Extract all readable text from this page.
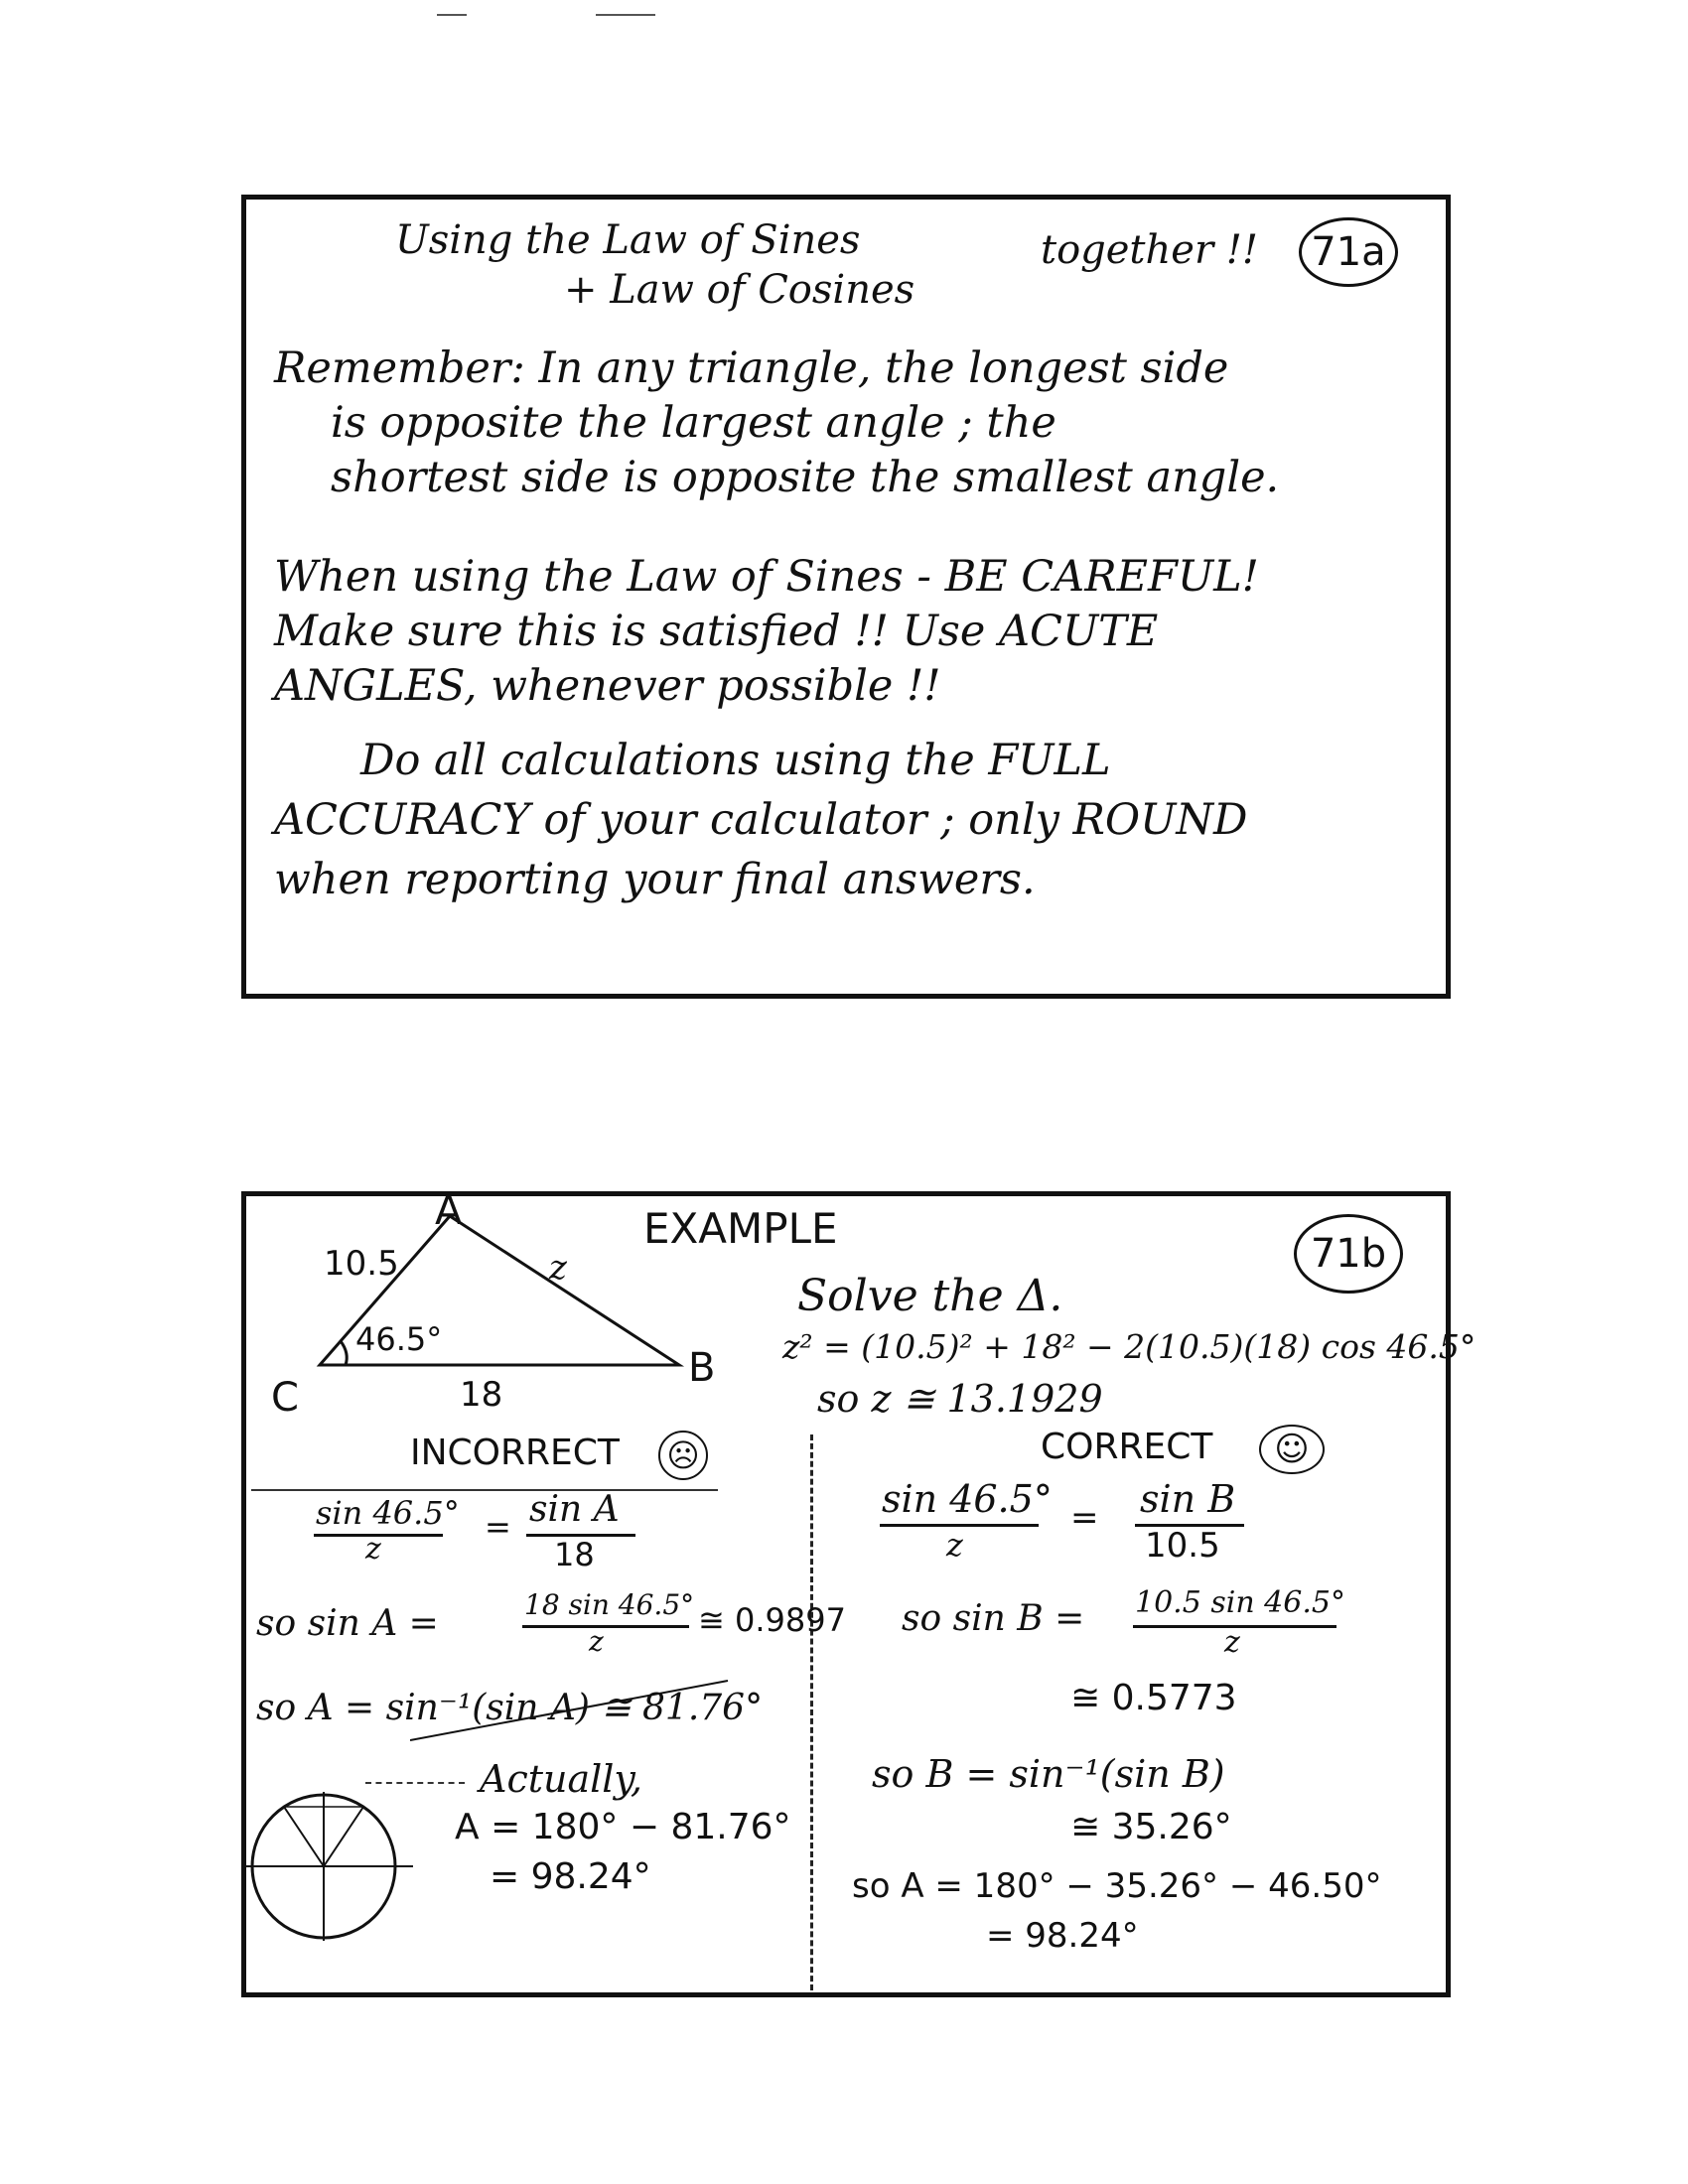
Using the Law of Sines
+ Law of Cosines
together !!	71a
Remember: In any triangle, the longest side
is opposite the largest angle ; the
shortest side is opposite the smallest angle.
When using the Law of Sines - BE CAREFUL!
Make sure this is satisfied !! Use ACUTE
ANGLES, whenever possible !!
Do all calculations using the FULL
ACCURACY of your calculator ; only ROUND
when reporting your final answers.
EXAMPLE
71b
A
B
C
10.5	z
18
46.5°
Solve the Δ.
z² = (10.5)² + 18² − 2(10.5)(18) cos 46.5°
so z ≅ 13.1929
INCORRECT ☹	CORRECT	☺
sin 46.5°
z
= sin A
18
so sin A =	18 sin 46.5°
z
≅ 0.9897
so A = sin⁻¹(sin A) ≅ 81.76°
Actually,
A = 180° − 81.76°
= 98.24°
sin 46.5°
z
= sin B
10.5
so sin B = 10.5 sin 46.5°
z
≅ 0.5773
so B = sin⁻¹(sin B)
≅ 35.26°
so A = 180° − 35.26° − 46.50°
= 98.24°
